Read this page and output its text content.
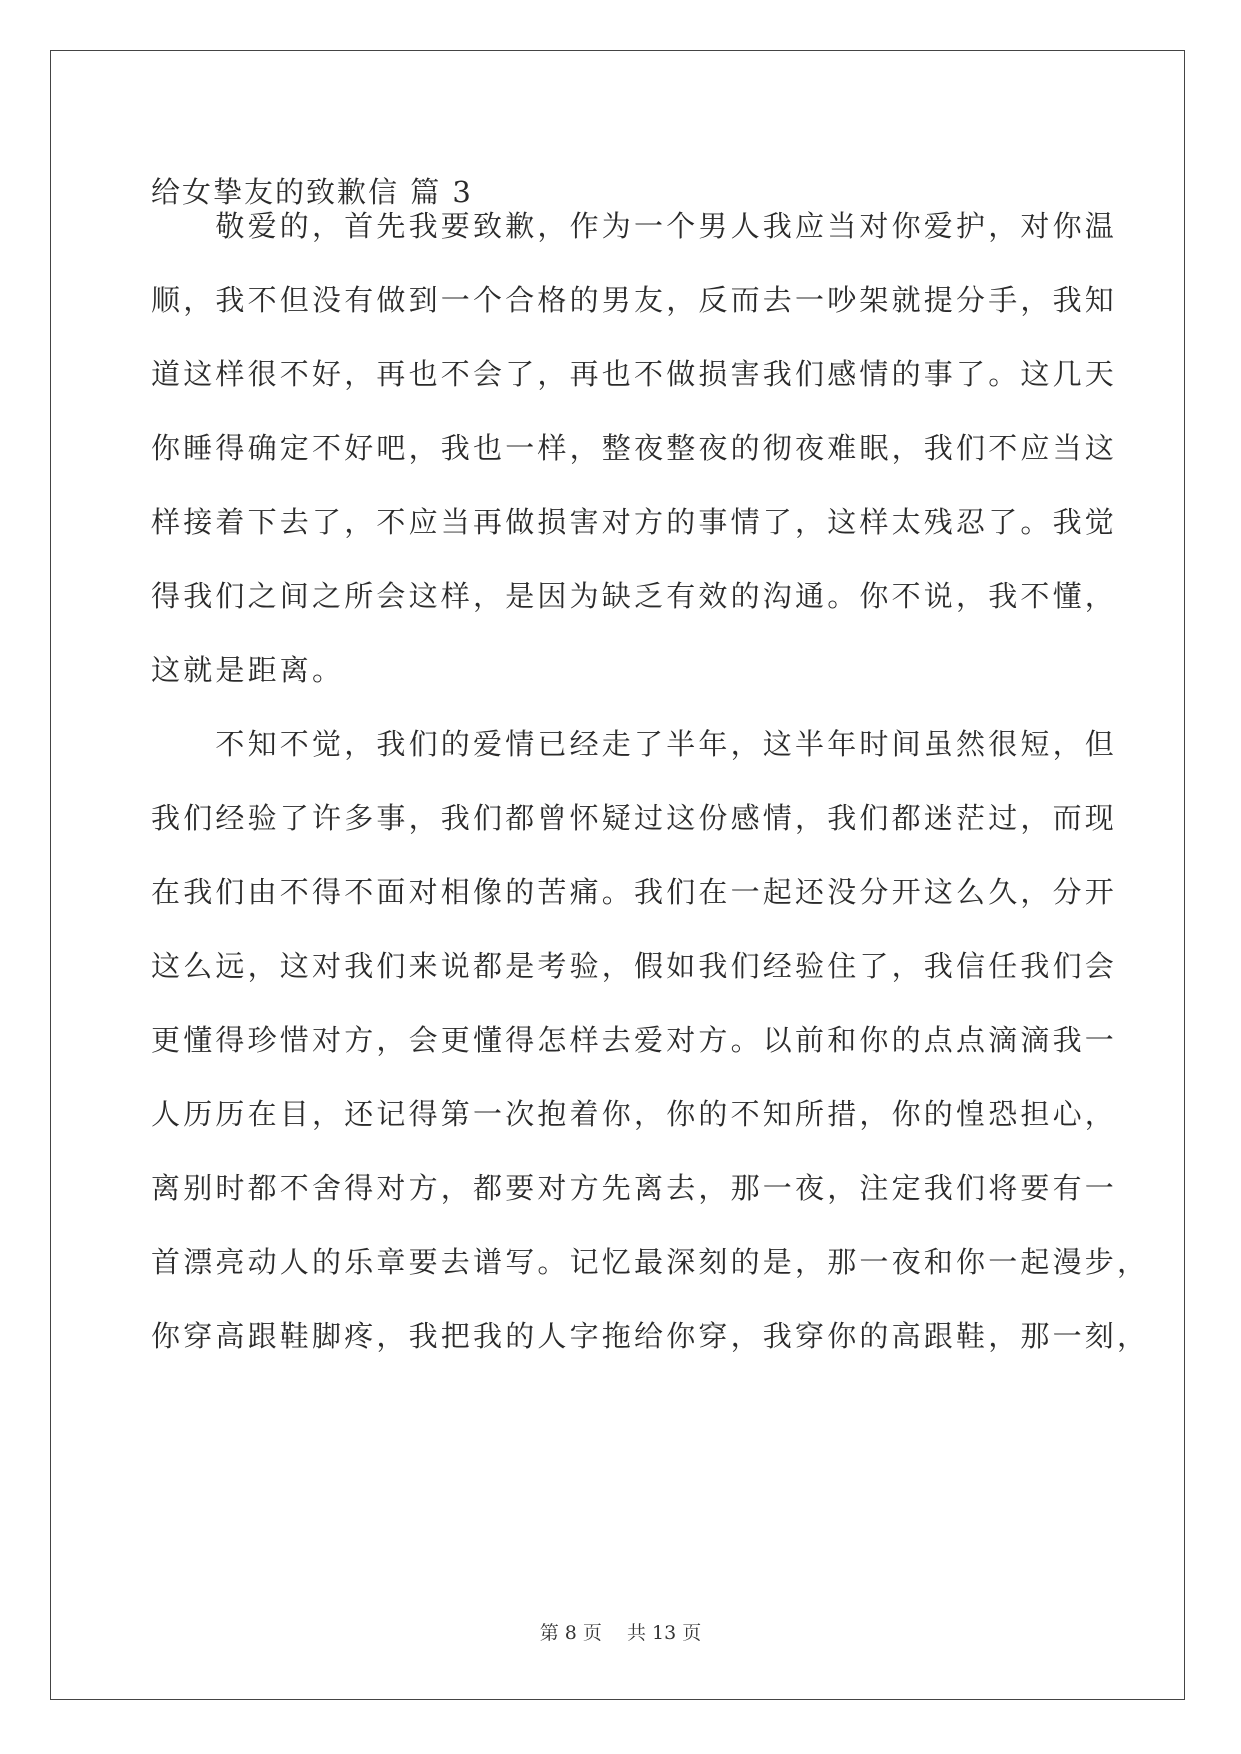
给女挚友的致歉信 篇 3
　　敬爱的，首先我要致歉，作为一个男人我应当对你爱护，对你温
顺，我不但没有做到一个合格的男友，反而去一吵架就提分手，我知
道这样很不好，再也不会了，再也不做损害我们感情的事了。这几天
你睡得确定不好吧，我也一样，整夜整夜的彻夜难眠，我们不应当这
样接着下去了，不应当再做损害对方的事情了，这样太残忍了。我觉
得我们之间之所会这样，是因为缺乏有效的沟通。你不说，我不懂，
这就是距离。
　　不知不觉，我们的爱情已经走了半年，这半年时间虽然很短，但
我们经验了许多事，我们都曾怀疑过这份感情，我们都迷茫过，而现
在我们由不得不面对相像的苦痛。我们在一起还没分开这么久，分开
这么远，这对我们来说都是考验，假如我们经验住了，我信任我们会
更懂得珍惜对方，会更懂得怎样去爱对方。以前和你的点点滴滴我一
人历历在目，还记得第一次抱着你，你的不知所措，你的惶恐担心，
离别时都不舍得对方，都要对方先离去，那一夜，注定我们将要有一
首漂亮动人的乐章要去谱写。记忆最深刻的是，那一夜和你一起漫步，
你穿高跟鞋脚疼，我把我的人字拖给你穿，我穿你的高跟鞋，那一刻，
第 8 页　 共 13 页
